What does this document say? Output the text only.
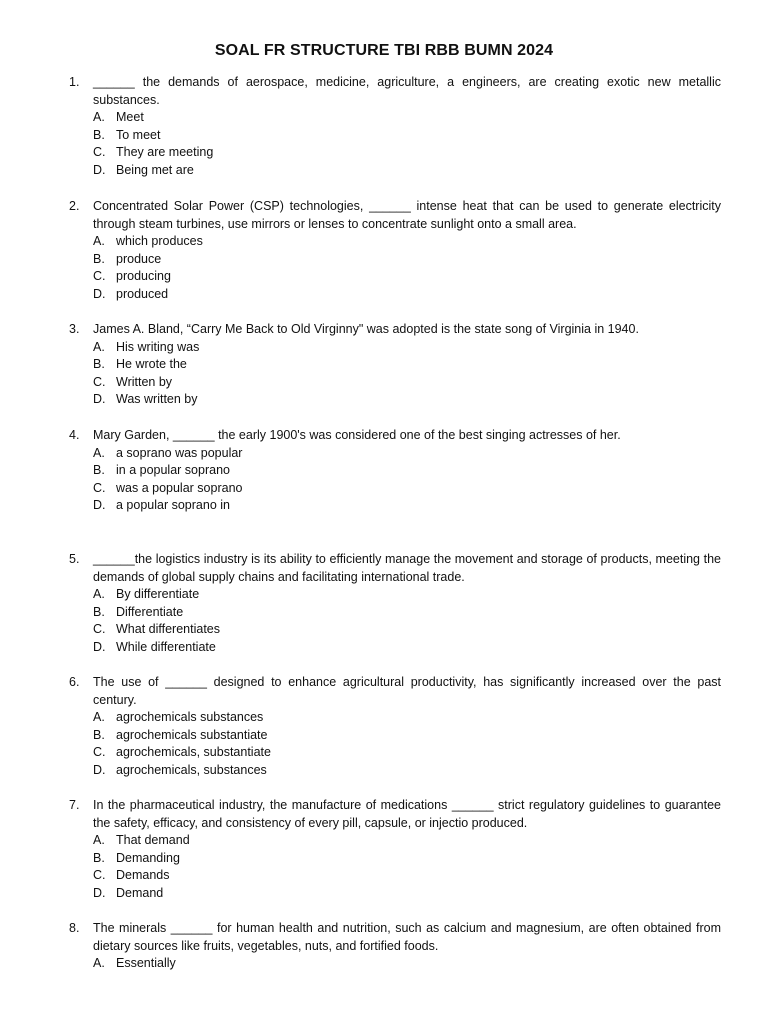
SOAL FR STRUCTURE TBI RBB BUMN 2024
1.	______ the demands of aerospace, medicine, agriculture, a engineers, are creating exotic new metallic substances.
A. Meet
B. To meet
C. They are meeting
D. Being met are
2.	Concentrated Solar Power (CSP) technologies, ______ intense heat that can be used to generate electricity through steam turbines, use mirrors or lenses to concentrate sunlight onto a small area.
A. which produces
B. produce
C. producing
D. produced
3.	James A. Bland, “Carry Me Back to Old Virginny" was adopted is the state song of Virginia in 1940.
A. His writing was
B. He wrote the
C. Written by
D. Was written by
4.	Mary Garden, ______ the early 1900's was considered one of the best singing actresses of her.
A. a soprano was popular
B. in a popular soprano
C. was a popular soprano
D. a popular soprano in
5.	______the logistics industry is its ability to efficiently manage the movement and storage of products, meeting the demands of global supply chains and facilitating international trade.
A. By differentiate
B. Differentiate
C. What differentiates
D. While differentiate
6.	The use of ______ designed to enhance agricultural productivity, has significantly increased over the past century.
A. agrochemicals substances
B. agrochemicals substantiate
C. agrochemicals, substantiate
D. agrochemicals, substances
7.	In the pharmaceutical industry, the manufacture of medications ______ strict regulatory guidelines to guarantee the safety, efficacy, and consistency of every pill, capsule, or injectio produced.
A. That demand
B. Demanding
C. Demands
D. Demand
8.	The minerals ______ for human health and nutrition, such as calcium and magnesium, are often obtained from dietary sources like fruits, vegetables, nuts, and fortified foods.
A. Essentially
